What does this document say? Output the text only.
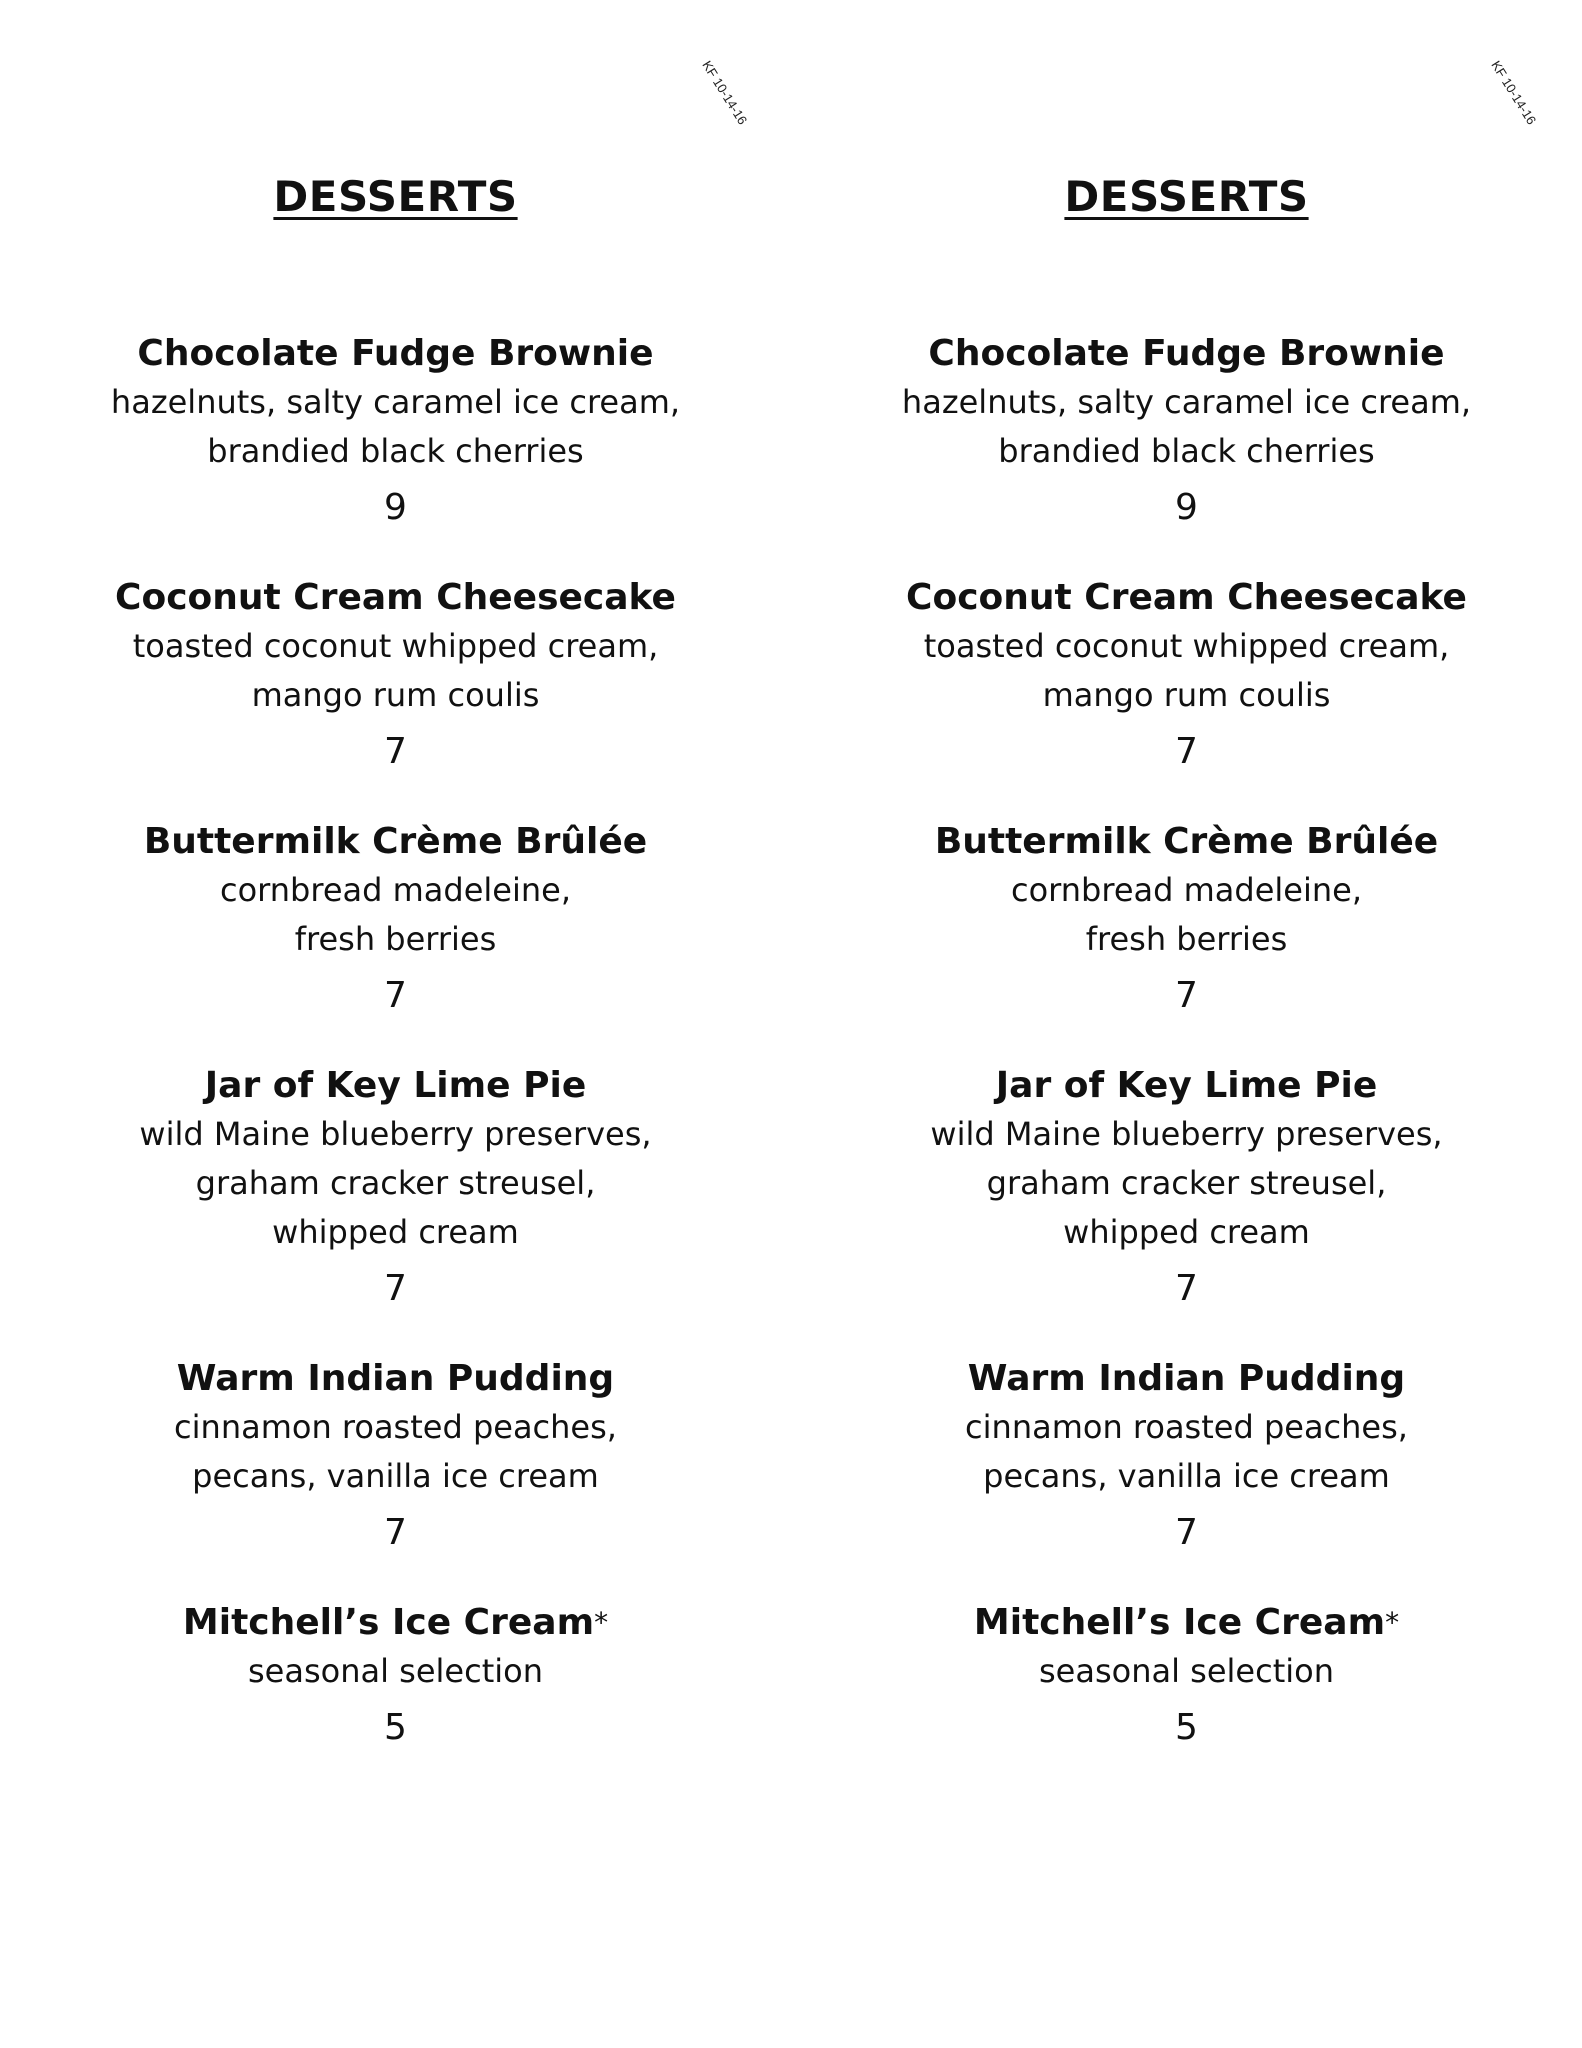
KF 10-14-16
DESSERTS

Chocolate Fudge Brownie

hazelnuts, salty caramel ice cream,

brandied black cherries

9

Coconut Cream Cheesecake

toasted coconut whipped cream,

mango rum coulis

7

Buttermilk Crème Brûlée

cornbread madeleine,

fresh berries

7

Jar of Key Lime Pie

wild Maine blueberry preserves,

graham cracker streusel,

whipped cream

7

Warm Indian Pudding

cinnamon roasted peaches,

pecans, vanilla ice cream

7

Mitchell’s Ice Cream*

seasonal selection

5

KF 10-14-16
DESSERTS

Chocolate Fudge Brownie

hazelnuts, salty caramel ice cream,

brandied black cherries

9

Coconut Cream Cheesecake

toasted coconut whipped cream,

mango rum coulis

7

Buttermilk Crème Brûlée

cornbread madeleine,

fresh berries

7

Jar of Key Lime Pie

wild Maine blueberry preserves,

graham cracker streusel,

whipped cream

7

Warm Indian Pudding

cinnamon roasted peaches,

pecans, vanilla ice cream

7

Mitchell’s Ice Cream*

seasonal selection

5
